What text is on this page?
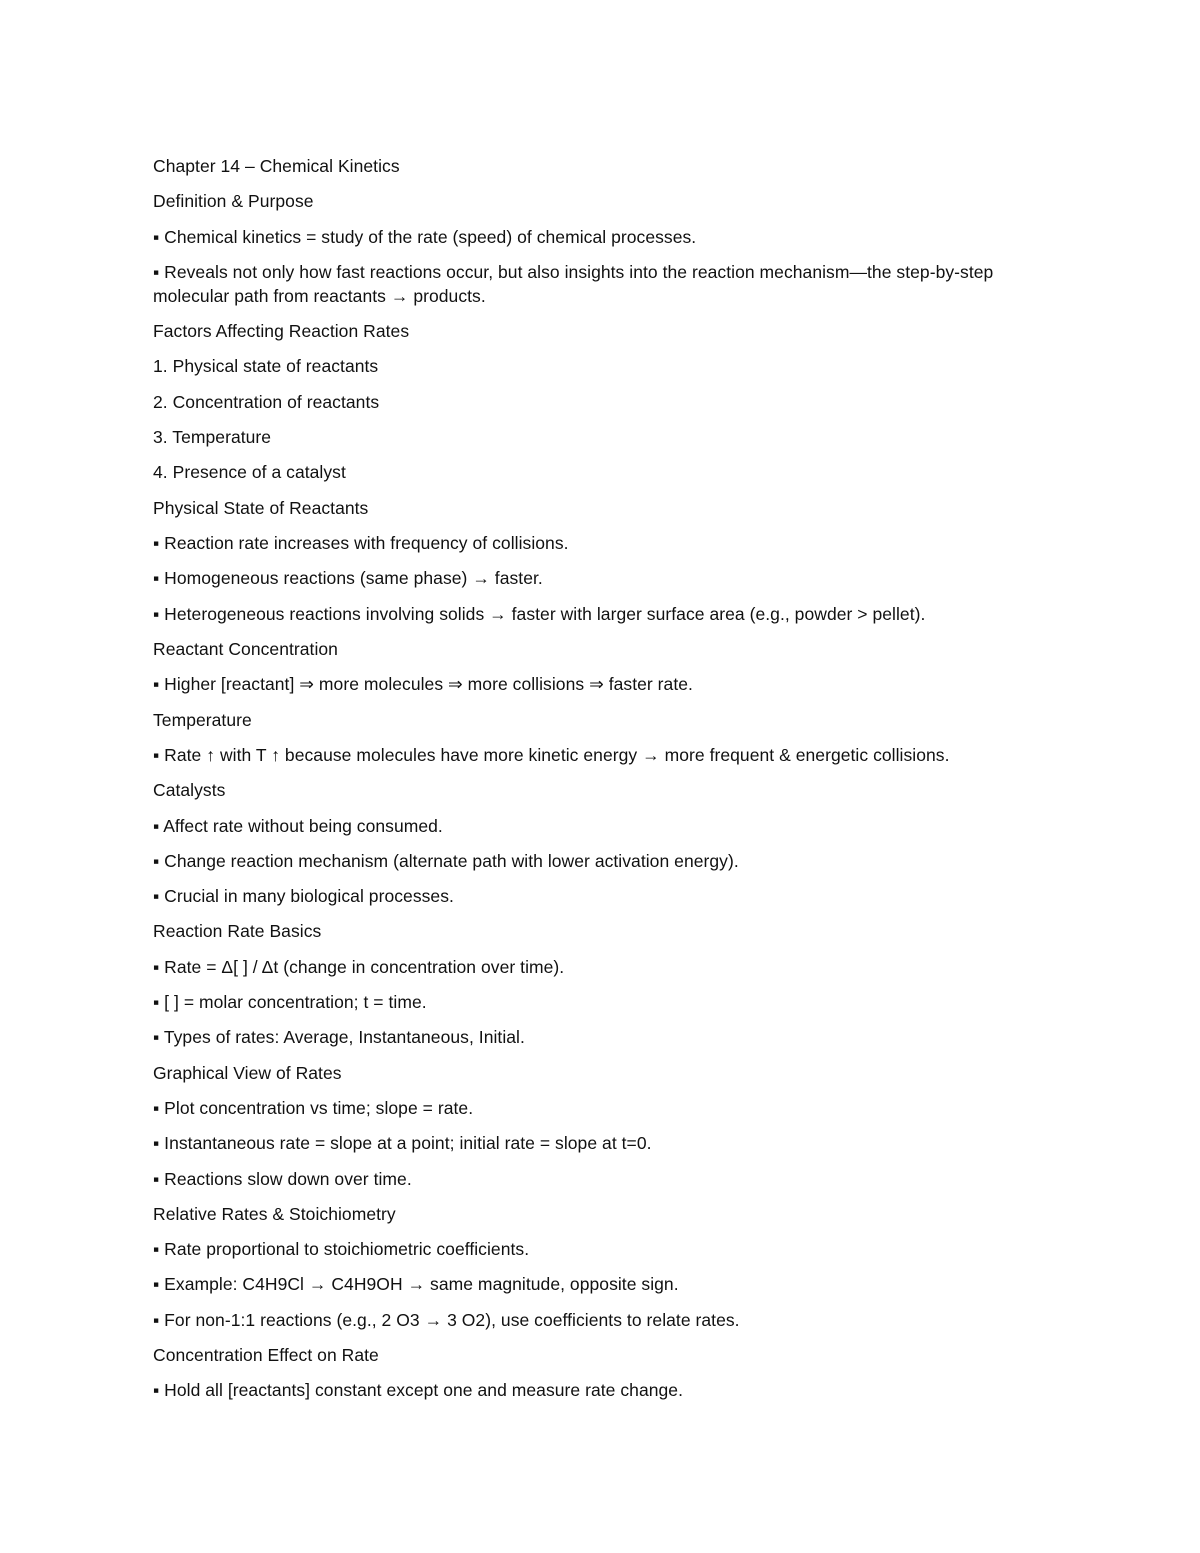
Chapter 14 – Chemical Kinetics
Definition & Purpose
▪ Chemical kinetics = study of the rate (speed) of chemical processes.
▪ Reveals not only how fast reactions occur, but also insights into the reaction mechanism—the step-by-step molecular path from reactants → products.
Factors Affecting Reaction Rates
1. Physical state of reactants
2. Concentration of reactants
3. Temperature
4. Presence of a catalyst
Physical State of Reactants
▪ Reaction rate increases with frequency of collisions.
▪ Homogeneous reactions (same phase) → faster.
▪ Heterogeneous reactions involving solids → faster with larger surface area (e.g., powder > pellet).
Reactant Concentration
▪ Higher [reactant] ⇒ more molecules ⇒ more collisions ⇒ faster rate.
Temperature
▪ Rate ↑ with T ↑ because molecules have more kinetic energy → more frequent & energetic collisions.
Catalysts
▪ Affect rate without being consumed.
▪ Change reaction mechanism (alternate path with lower activation energy).
▪ Crucial in many biological processes.
Reaction Rate Basics
▪ Rate = Δ[ ] / Δt (change in concentration over time).
▪ [ ] = molar concentration; t = time.
▪ Types of rates: Average, Instantaneous, Initial.
Graphical View of Rates
▪ Plot concentration vs time; slope = rate.
▪ Instantaneous rate = slope at a point; initial rate = slope at t=0.
▪ Reactions slow down over time.
Relative Rates & Stoichiometry
▪ Rate proportional to stoichiometric coefficients.
▪ Example: C4H9Cl → C4H9OH → same magnitude, opposite sign.
▪ For non-1:1 reactions (e.g., 2 O3 → 3 O2), use coefficients to relate rates.
Concentration Effect on Rate
▪ Hold all [reactants] constant except one and measure rate change.
